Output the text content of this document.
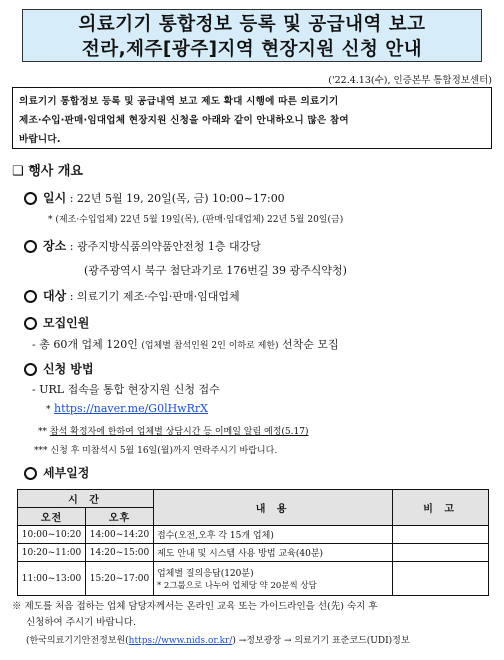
의료기기 통합정보 등록 및 공급내역 보고
전라,제주[광주]지역 현장지원 신청 안내
('22.4.13(수), 인증본부 통합정보센터)
의료기기 통합정보 등록 및 공급내역 보고 제도 확대 시행에 따른 의료기기
제조·수입·판매·임대업체 현장지원 신청을 아래와 같이 안내하오니 많은 참여
바랍니다.
❑ 행사 개요
일시 : 22년 5월 19, 20일(목, 금) 10:00~17:00
* (제조·수입업체) 22년 5월 19일(목), (판매·임대업체) 22년 5월 20일(금)
장소 : 광주지방식품의약품안전청 1층 대강당
(광주광역시 북구 첨단과기로 176번길 39 광주식약청)
대상 : 의료기기 제조·수입·판매·임대업체
모집인원
- 총 60개 업체 120인 (업체별 참석인원 2인 이하로 제한) 선착순 모집
신청 방법
- URL 접속을 통합 현장지원 신청 접수
* https://naver.me/G0lHwRrX
** 참석 확정자에 한하여 업체별 상담시간 등 이메일 알림 예정(5.17)
*** 신청 후 미참석시 5월 16일(월)까지 연락주시기 바랍니다.
세부일정
시 간		내 용	비 고
오전	오후		
10:00~10:20	14:00~14:20	접수(오전,오후 각 15개 업체)	
10:20~11:00	14:20~15:00	제도 안내 및 시스템 사용 방법 교육(40분)	
11:00~13:00	15:20~17:00	업체별 질의응답(120분)
* 2그룹으로 나누어 업체당 약 20분씩 상담	

※ 제도를 처음 접하는 업체 담당자께서는 온라인 교육 또는 가이드라인을 선(先) 숙지 후
신청하여 주시기 바랍니다.
(한국의료기기안전정보원(https://www.nids.or.kr/) →정보광장 → 의료기기 표준코드(UDI)정보
